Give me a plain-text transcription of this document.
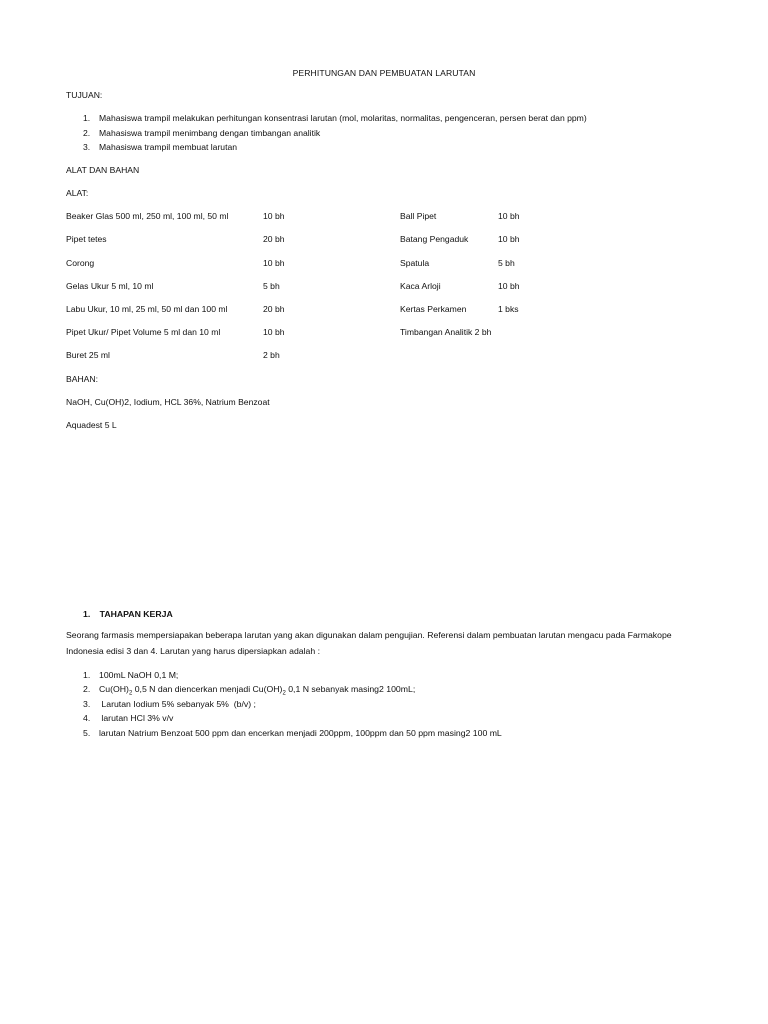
PERHITUNGAN DAN PEMBUATAN LARUTAN
TUJUAN:
1. Mahasiswa trampil melakukan perhitungan konsentrasi larutan (mol, molaritas, normalitas, pengenceran, persen berat dan ppm)
2. Mahasiswa trampil menimbang dengan timbangan analitik
3. Mahasiswa trampil membuat larutan
ALAT DAN BAHAN
ALAT:
Beaker Glas 500 ml, 250 ml, 100 ml, 50 ml	10 bh	Ball Pipet	10 bh
Pipet tetes	20 bh	Batang Pengaduk	10 bh
Corong	10 bh	Spatula	5 bh
Gelas Ukur 5 ml, 10 ml	5 bh	Kaca Arloji	10 bh
Labu Ukur, 10 ml, 25 ml, 50 ml dan 100 ml	20 bh	Kertas Perkamen	1 bks
Pipet Ukur/ Pipet Volume 5 ml dan 10 ml	10 bh	Timbangan Analitik 2 bh
Buret 25 ml	2 bh
BAHAN:
NaOH, Cu(OH)2, Iodium, HCL 36%, Natrium Benzoat
Aquadest 5 L
1. TAHAPAN KERJA
Seorang farmasis mempersiapakan beberapa larutan yang akan digunakan dalam pengujian. Referensi dalam pembuatan larutan mengacu pada Farmakope Indonesia edisi 3 dan 4. Larutan yang harus dipersiapkan adalah :
1. 100mL NaOH 0,1 M;
2. $Cu(OH)_2$ 0,5 N dan diencerkan menjadi $Cu(OH)_2$ 0,1 N sebanyak masing2 100mL;
3. Larutan Iodium 5% sebanyak 5%  (b/v) ;
4. larutan HCl 3% v/v
5. larutan Natrium Benzoat 500 ppm dan encerkan menjadi 200ppm, 100ppm dan 50 ppm masing2 100 mL
